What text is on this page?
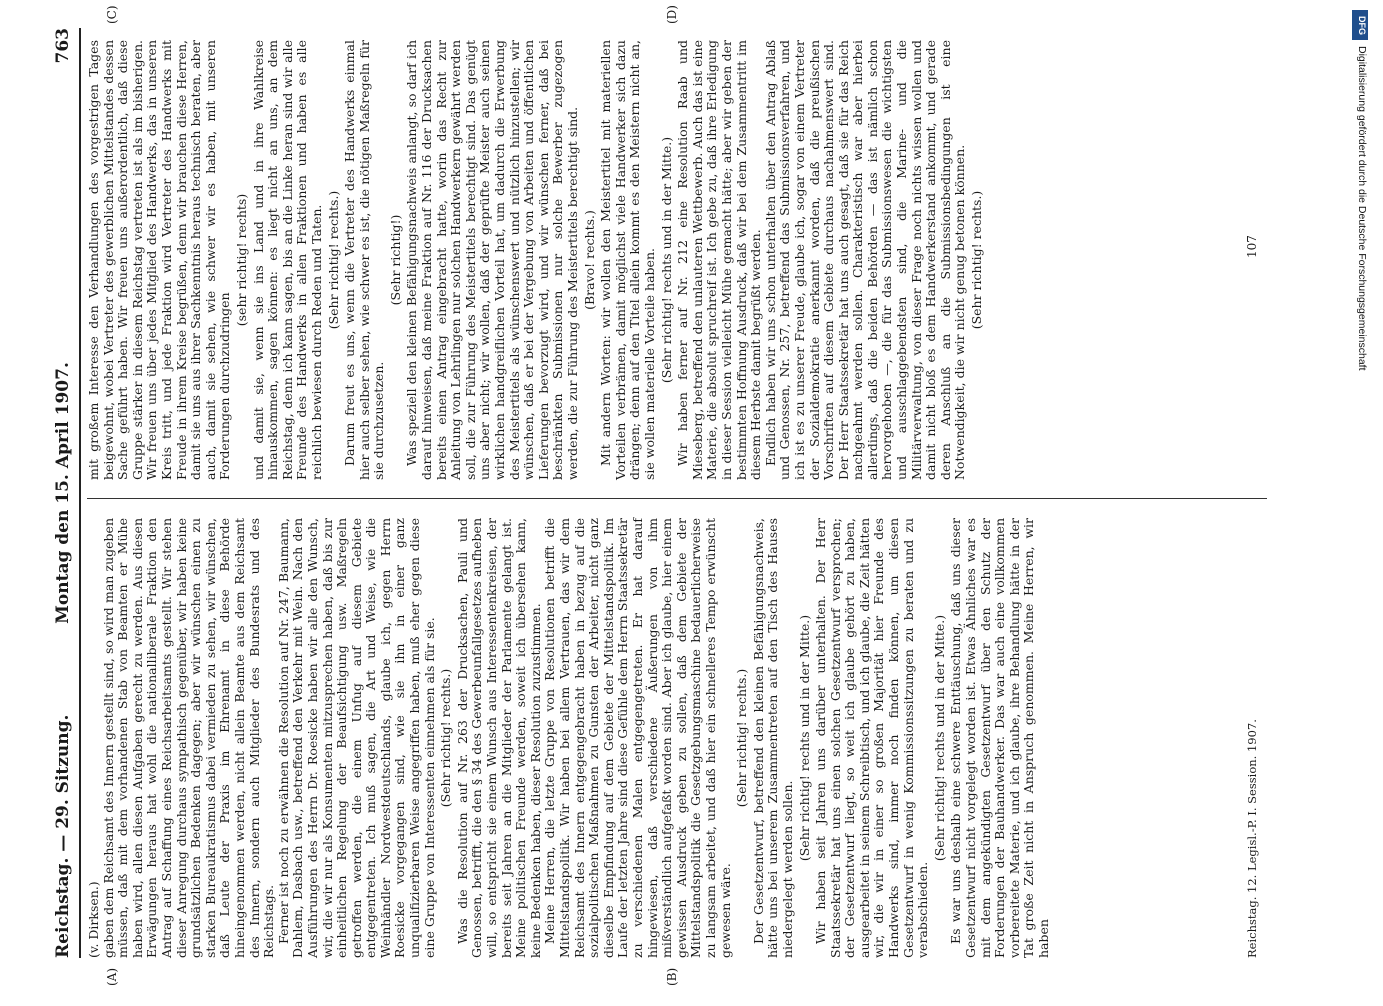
Reichstag. — 29. Sitzung.
Montag den 15. April 1907.
763

(v. Dirksen.) gaben dem Reichsamt des Innern gestellt sind, so wird man zugeben müssen, daß mit dem vorhandenen Stab von Beamten er Mühe haben wird, allen diesen Aufgaben gerecht zu werden. Aus diesen Erwägungen heraus hat wohl die nationalliberale Fraktion den Antrag auf Schaffung eines Reichsarbeitsamts gestellt. Wir stehen dieser Anregung durchaus sympathisch gegenüber, wir haben keine grundsätzlichen Bedenken dagegen; aber wir wünschen einen zu starken Bureaukratismus dabei vermieden zu sehen, wir wünschen, daß Leute der Praxis im Ehrenamt in diese Behörde hineingenommen werden, nicht allein Beamte aus dem Reichsamt des Innern, sondern auch Mitglieder des Bundesrats und des Reichstags. Ferner ist noch zu erwähnen die Resolution auf Nr. 247, Baumann, Dahlem, Dasbach usw., betreffend den Verkehr mit Wein. Nach den Ausführungen des Herrn Dr. Roesicke haben wir alle den Wunsch, wir, die wir nur als Konsumenten mitzusprechen haben, daß bis zur einheitlichen Regelung der Beaufsichtigung usw. Maßregeln getroffen werden, die einem Unfug auf diesem Gebiete entgegentreten. Ich muß sagen, die Art und Weise, wie die Weinhändler Nordwestdeutschlands, glaube ich, gegen Herrn Roesicke vorgegangen sind, wie sie ihn in einer ganz unqualifizierbaren Weise angegriffen haben, muß eher gegen diese eine Gruppe von Interessenten einnehmen als für sie. (Sehr richtig! rechts.) Was die Resolution auf Nr. 263 der Drucksachen, Pauli und Genossen, betrifft, die den § 34 des Gewerbeunfallgesetzes aufheben will, so entspricht sie einem Wunsch aus Interessentenkreisen, der bereits seit Jahren an die Mitglieder der Parlamente gelangt ist. Meine politischen Freunde werden, soweit ich übersehen kann, keine Bedenken haben, dieser Resolution zuzustimmen. Meine Herren, die letzte Gruppe von Resolutionen betrifft die Mittelstandspolitik. Wir haben bei allem Vertrauen, das wir dem Reichsamt des Innern entgegengebracht haben in bezug auf die sozialpolitischen Maßnahmen zu Gunsten der Arbeiter, nicht ganz dieselbe Empfindung auf dem Gebiete der Mittelstandspolitik. Im Laufe der letzten Jahre sind diese Gefühle dem Herrn Staatssekretär zu verschiedenen Malen entgegengetreten. Er hat darauf hingewiesen, daß verschiedene Äußerungen von ihm mißverständlich aufgefaßt worden sind. Aber ich glaube, hier einem gewissen Ausdruck geben zu sollen, daß dem Gebiete der Mittelstandspolitik die Gesetzgebungsmaschine bedauerlicherweise zu langsam arbeitet, und daß hier ein schnelleres Tempo erwünscht gewesen wäre.

(Sehr richtig! rechts.) Der Gesetzentwurf, betreffend den kleinen Befähigungsnachweis, hätte uns bei unserem Zusammentreten auf den Tisch des Hauses niedergelegt werden sollen.

(Sehr richtig! rechts und in der Mitte.) Wir haben seit Jahren uns darüber unterhalten. Der Herr Staatssekretär hat uns einen solchen Gesetzentwurf versprochen; der Gesetzentwurf liegt, so weit ich glaube gehört zu haben, ausgearbeitet in seinem Schreibtisch, und ich glaube, die Zeit hätten wir, die wir in einer so großen Majorität hier Freunde des Handwerks sind, immer noch finden können, um diesen Gesetzentwurf in wenig Kommissionssitzungen zu beraten und zu verabschieden.

(Sehr richtig! rechts und in der Mitte.) Es war uns deshalb eine schwere Enttäuschung, daß uns dieser Gesetzentwurf nicht vorgelegt worden ist. Etwas Ähnliches war es mit dem angekündigten Gesetzentwurf über den Schutz der Forderungen der Bauhandwerker. Das war auch eine vollkommen vorbereitete Materie, und ich glaube, ihre Behandlung hätte in der Tat große Zeit nicht in Anspruch genommen. Meine Herren, wir haben

mit großem Interesse den Verhandlungen des vorgestrigen Tages beigewohnt, wobei Vertreter des gewerblichen Mittelstandes dessen Sache geführt haben. Wir freuen uns außerordentlich, daß diese Gruppe stärker in diesem Reichstag vertreten ist als im bisherigen. Wir freuen uns über jedes Mitglied des Handwerks, das in unseren Kreis tritt, und jede Fraktion wird Vertreter des Handwerks mit Freude in ihrem Kreise begrüßen, denn wir brauchen diese Herren, damit sie uns aus ihrer Sachkenntnis heraus technisch beraten, aber auch, damit sie sehen, wie schwer wir es haben, mit unseren Forderungen durchzudringen

(sehr richtig! rechts) und damit sie, wenn sie ins Land und in ihre Wahlkreise hinauskommen, sagen können: es liegt nicht an uns, an dem Reichstag, denn ich kann sagen, bis an die Linke heran sind wir alle Freunde des Handwerks in allen Fraktionen und haben es alle reichlich bewiesen durch Reden und Taten. (Sehr richtig! rechts.) Darum freut es uns, wenn die Vertreter des Handwerks einmal hier auch selber sehen, wie schwer es ist, die nötigen Maßregeln für sie durchzusetzen.

(Sehr richtig!) Was speziell den kleinen Befähigungsnachweis anlangt, so darf ich darauf hinweisen, daß meine Fraktion auf Nr. 116 der Drucksachen bereits einen Antrag eingebracht hatte, worin das Recht zur Anleitung von Lehrlingen nur solchen Handwerkern gewährt werden soll, die zur Führung des Meistertitels berechtigt sind. Das genügt uns aber nicht; wir wollen, daß der geprüfte Meister auch seinen wirklichen handgreiflichen Vorteil hat, um dadurch die Erwerbung des Meistertitels als wünschenswert und nützlich hinzustellen; wir wünschen, daß er bei der Vergebung von Arbeiten und öffentlichen Lieferungen bevorzugt wird, und wir wünschen ferner, daß bei beschränkten Submissionen nur solche Bewerber zugezogen werden, die zur Führung des Meistertitels berechtigt sind. (Bravo! rechts.) Mit andern Worten: wir wollen den Meistertitel mit materiellen Vorteilen verbrämen, damit möglichst viele Handwerker sich dazu drängen; denn auf den Titel allein kommt es den Meistern nicht an, sie wollen materielle Vorteile haben. (Sehr richtig! rechts und in der Mitte.) Wir haben ferner auf Nr. 212 eine Resolution Raab und Mieseberg, betreffend den unlauteren Wettbewerb. Auch das ist eine Materie, die absolut spruchreif ist. Ich gebe zu, daß ihre Erledigung in dieser Session vielleicht Mühe gemacht hätte; aber wir geben der bestimmten Hoffnung Ausdruck, daß wir bei dem Zusammentritt im diesem Herbste damit begrüßt werden. Endlich haben wir uns schon unterhalten über den Antrag Ablaß und Genossen, Nr. 257, betreffend das Submissionsverfahren, und ich ist es zu unserer Freude, glaube ich, sogar von einem Vertreter der Sozialdemokratie anerkannt worden, daß die preußischen Vorschriften auf diesem Gebiete durchaus nachahmenswert sind. Der Herr Staatssekretär hat uns auch gesagt, daß sie für das Reich nachgeahmt werden sollen. Charakteristisch war aber hierbei allerdings, daß die beiden Behörden — das ist nämlich schon hervorgehoben —, die für das Submissionswesen die wichtigsten und ausschlaggebendsten sind, die Marine- und die Militärverwaltung, von dieser Frage noch nichts wissen wollen und damit nicht bloß es dem Handwerkerstand ankommt, und gerade deren Anschluß an die Submissionsbedingungen ist eine Notwendigkeit, die wir nicht genug betonen können. (Sehr richtig! rechts.)

(A)	(B)
(C)	(D)
Reichstag. 12. Legisl.-P. I. Session. 1907.
107
DFG
Digitalisierung gefördert durch die Deutsche Forschungsgemeinschaft
